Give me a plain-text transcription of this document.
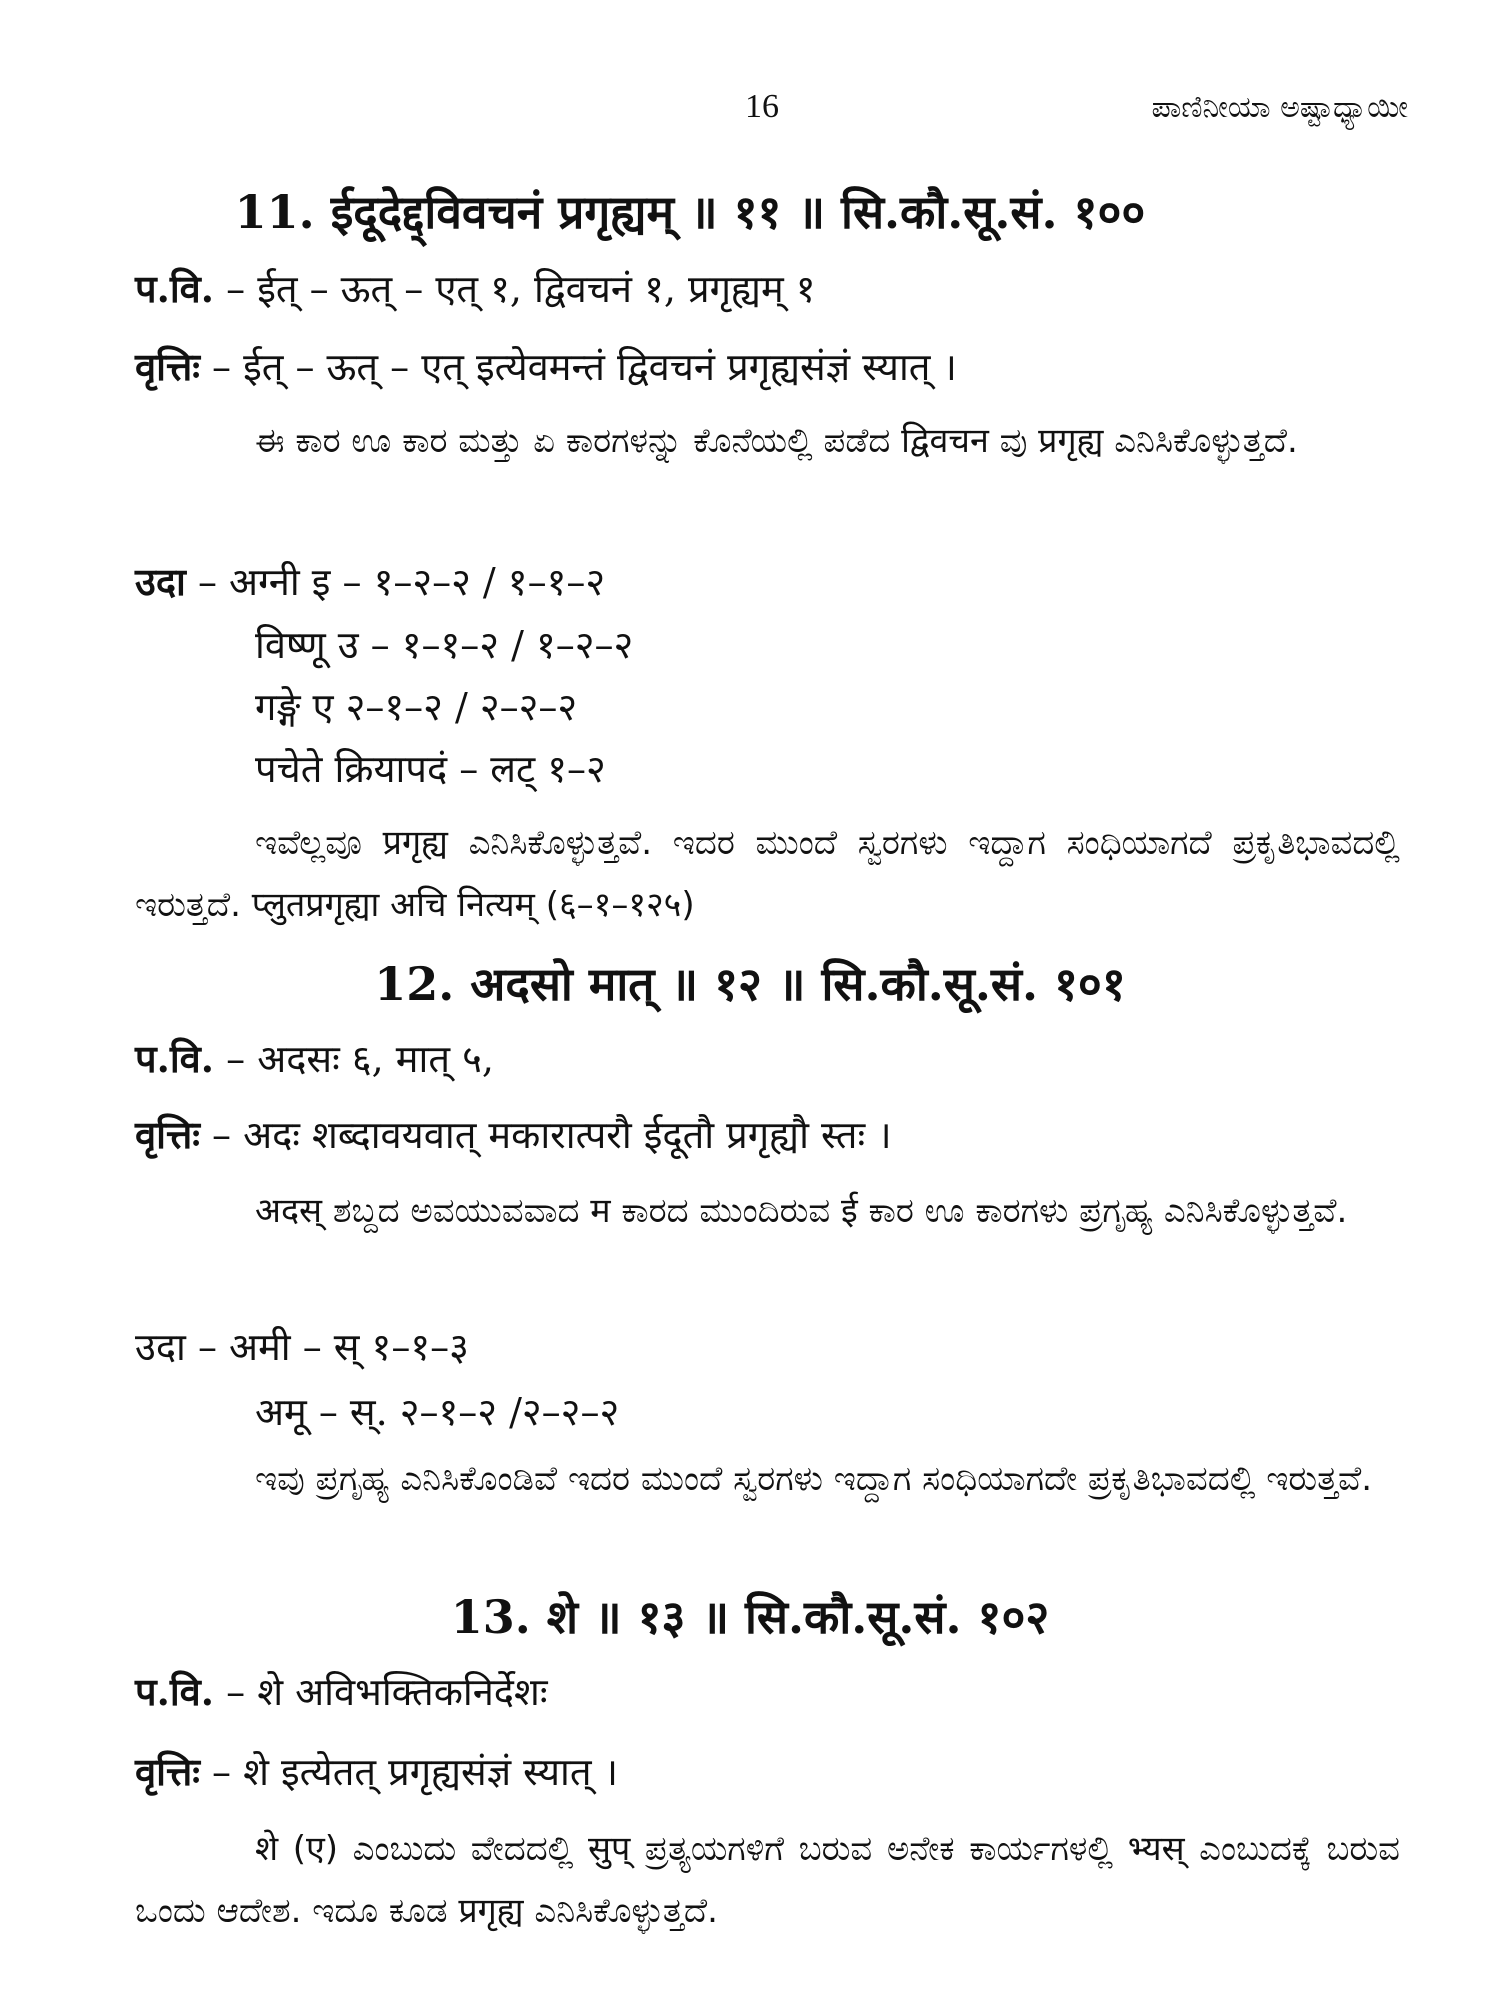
16	ಪಾಣಿನೀಯಾ ಅಷ್ಟಾಧ್ಯಾಯೀ
11. ईदूदेद्द्विवचनं प्रगृह्यम् ॥ ११ ॥ सि.कौ.सू.सं. १००
प.वि. – ईत् – ऊत् – एत् १, द्विवचनं १, प्रगृह्यम् १
वृत्तिः – ईत् – ऊत् – एत् इत्येवमन्तं द्विवचनं प्रगृह्यसंज्ञं स्यात् ।
ಈ ಕಾರ ಊ ಕಾರ ಮತ್ತು ಏ ಕಾರಗಳನ್ನು ಕೊನೆಯಲ್ಲಿ ಪಡೆದ द्विवचन ವು प्रगृह्य ಎನಿಸಿಕೊಳ್ಳುತ್ತದೆ.
उदा – अग्नी इ – १–२–२ / १–१–२
विष्णू उ – १–१–२ / १–२–२
गङ्गे ए २–१–२ / २–२–२
पचेते क्रियापदं – लट् १–२
ಇವೆಲ್ಲವೂ प्रगृह्य ಎನಿಸಿಕೊಳ್ಳುತ್ತವೆ. ಇದರ ಮುಂದೆ ಸ್ವರಗಳು ಇದ್ದಾಗ ಸಂಧಿಯಾಗದೆ ಪ್ರಕೃತಿಭಾವದಲ್ಲಿ ಇರುತ್ತದೆ. प्लुतप्रगृह्या अचि नित्यम् (६–१–१२५)
12. अदसो मात् ॥ १२ ॥ सि.कौ.सू.सं. १०१
प.वि. – अदसः ६, मात् ५,
वृत्तिः – अदः शब्दावयवात् मकारात्परौ ईदूतौ प्रगृह्यौ स्तः ।
अदस् ಶಬ್ದದ ಅವಯುವವಾದ म ಕಾರದ ಮುಂದಿರುವ ई ಕಾರ ಊ ಕಾರಗಳು ಪ್ರಗೃಹ್ಯ ಎನಿಸಿಕೊಳ್ಳುತ್ತವೆ.
उदा – अमी – स् १–१–३
अमू – स्. २–१–२ /२–२–२
ಇವು ಪ್ರಗೃಹ್ಯ ಎನಿಸಿಕೊಂಡಿವೆ ಇದರ ಮುಂದೆ ಸ್ವರಗಳು ಇದ್ದಾಗ ಸಂಧಿಯಾಗದೇ ಪ್ರಕೃತಿಭಾವದಲ್ಲಿ ಇರುತ್ತವೆ.
13. शे ॥ १३ ॥ सि.कौ.सू.सं. १०२
प.वि. – शे अविभक्तिकनिर्देशः
वृत्तिः – शे इत्येतत् प्रगृह्यसंज्ञं स्यात् ।
शे (ए) ಎಂಬುದು ವೇದದಲ್ಲಿ सुप् ಪ್ರತ್ಯಯಗಳಿಗೆ ಬರುವ ಅನೇಕ ಕಾರ್ಯಗಳಲ್ಲಿ भ्यस् ಎಂಬುದಕ್ಕೆ ಬರುವ ಒಂದು ಆದೇಶ. ಇದೂ ಕೂಡ प्रगृह्य ಎನಿಸಿಕೊಳ್ಳುತ್ತದೆ.
